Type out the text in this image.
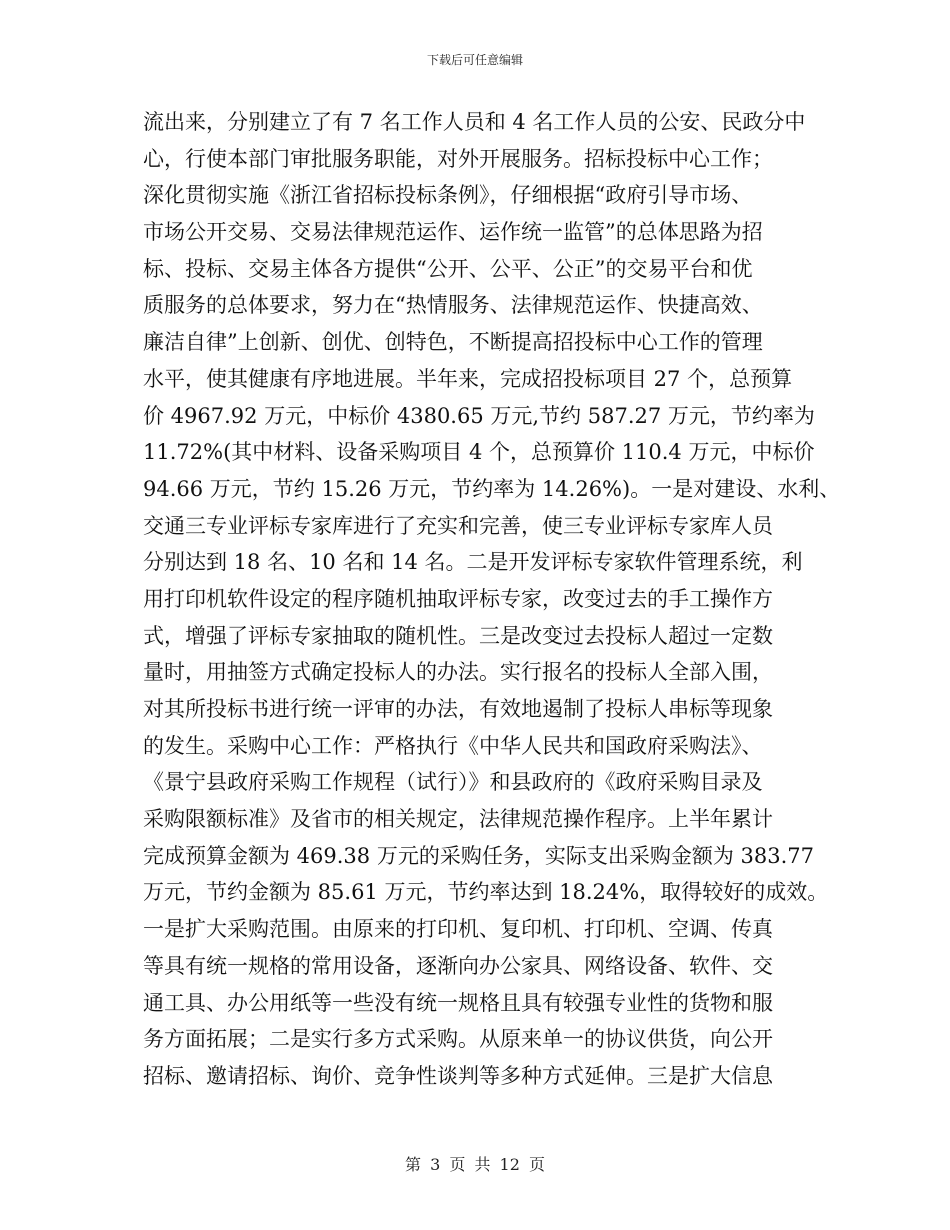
下载后可任意编辑
流出来，分别建立了有 7 名工作人员和 4 名工作人员的公安、民政分中
心，行使本部门审批服务职能，对外开展服务。招标投标中心工作；
深化贯彻实施《浙江省招标投标条例》，仔细根据“政府引导市场、
市场公开交易、交易法律规范运作、运作统一监管”的总体思路为招
标、投标、交易主体各方提供“公开、公平、公正”的交易平台和优
质服务的总体要求，努力在“热情服务、法律规范运作、快捷高效、
廉洁自律”上创新、创优、创特色，不断提高招投标中心工作的管理
水平，使其健康有序地进展。半年来，完成招投标项目 27 个，总预算
价 4967.92 万元，中标价 4380.65 万元,节约 587.27 万元，节约率为
11.72%(其中材料、设备采购项目 4 个，总预算价 110.4 万元，中标价
94.66 万元，节约 15.26 万元，节约率为 14.26%)。一是对建设、水利、
交通三专业评标专家库进行了充实和完善，使三专业评标专家库人员
分别达到 18 名、10 名和 14 名。二是开发评标专家软件管理系统，利
用打印机软件设定的程序随机抽取评标专家，改变过去的手工操作方
式，增强了评标专家抽取的随机性。三是改变过去投标人超过一定数
量时，用抽签方式确定投标人的办法。实行报名的投标人全部入围，
对其所投标书进行统一评审的办法，有效地遏制了投标人串标等现象
的发生。采购中心工作：严格执行《中华人民共和国政府采购法》、
《景宁县政府采购工作规程（试行）》和县政府的《政府采购目录及
采购限额标准》及省市的相关规定，法律规范操作程序。上半年累计
完成预算金额为 469.38 万元的采购任务，实际支出采购金额为 383.77
万元，节约金额为 85.61 万元，节约率达到 18.24%，取得较好的成效。
一是扩大采购范围。由原来的打印机、复印机、打印机、空调、传真
等具有统一规格的常用设备，逐渐向办公家具、网络设备、软件、交
通工具、办公用纸等一些没有统一规格且具有较强专业性的货物和服
务方面拓展；二是实行多方式采购。从原来单一的协议供货，向公开
招标、邀请招标、询价、竞争性谈判等多种方式延伸。三是扩大信息
第 3 页 共 12 页
